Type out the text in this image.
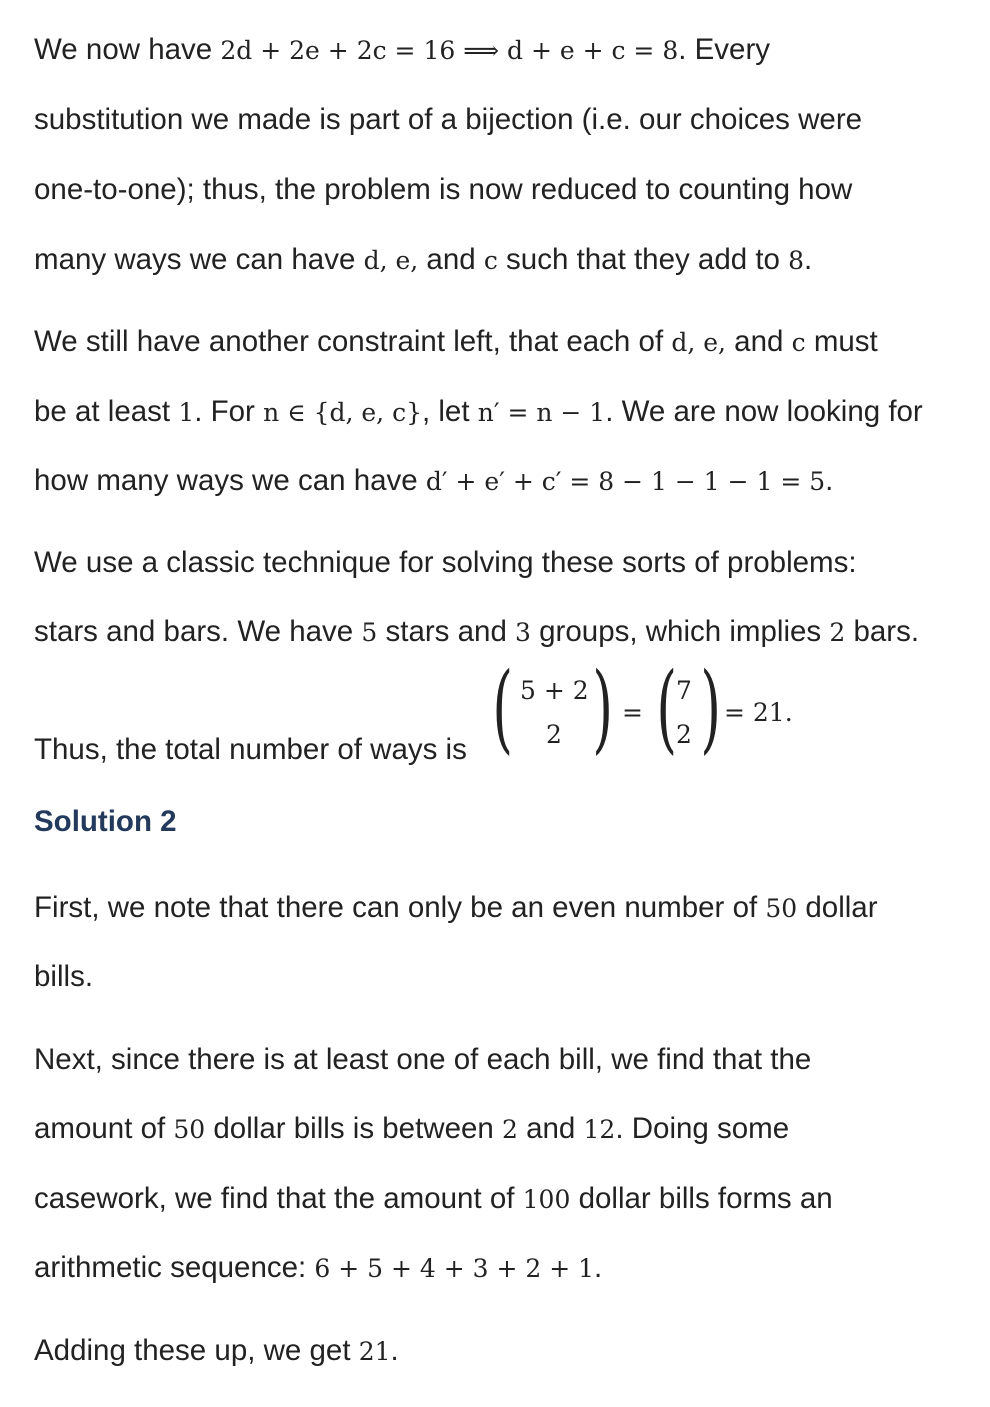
We now have 2d + 2e + 2c = 16 ⟹ d + e + c = 8. Every
substitution we made is part of a bijection (i.e. our choices were
one-to-one); thus, the problem is now reduced to counting how
many ways we can have d, e, and c such that they add to 8.
We still have another constraint left, that each of d, e, and c must
be at least 1. For n ∈ {d, e, c}, let n′ = n − 1. We are now looking for
how many ways we can have d′ + e′ + c′ = 8 − 1 − 1 − 1 = 5.
We use a classic technique for solving these sorts of problems:
stars and bars. We have 5 stars and 3 groups, which implies 2 bars.
Thus, the total number of ways is
Solution 2
First, we note that there can only be an even number of 50 dollar
bills.
Next, since there is at least one of each bill, we find that the
amount of 50 dollar bills is between 2 and 12. Doing some
casework, we find that the amount of 100 dollar bills forms an
arithmetic sequence: 6 + 5 + 4 + 3 + 2 + 1.
Adding these up, we get 21.
( 5 + 2
2 ) = (
7
2 ) = 21.
